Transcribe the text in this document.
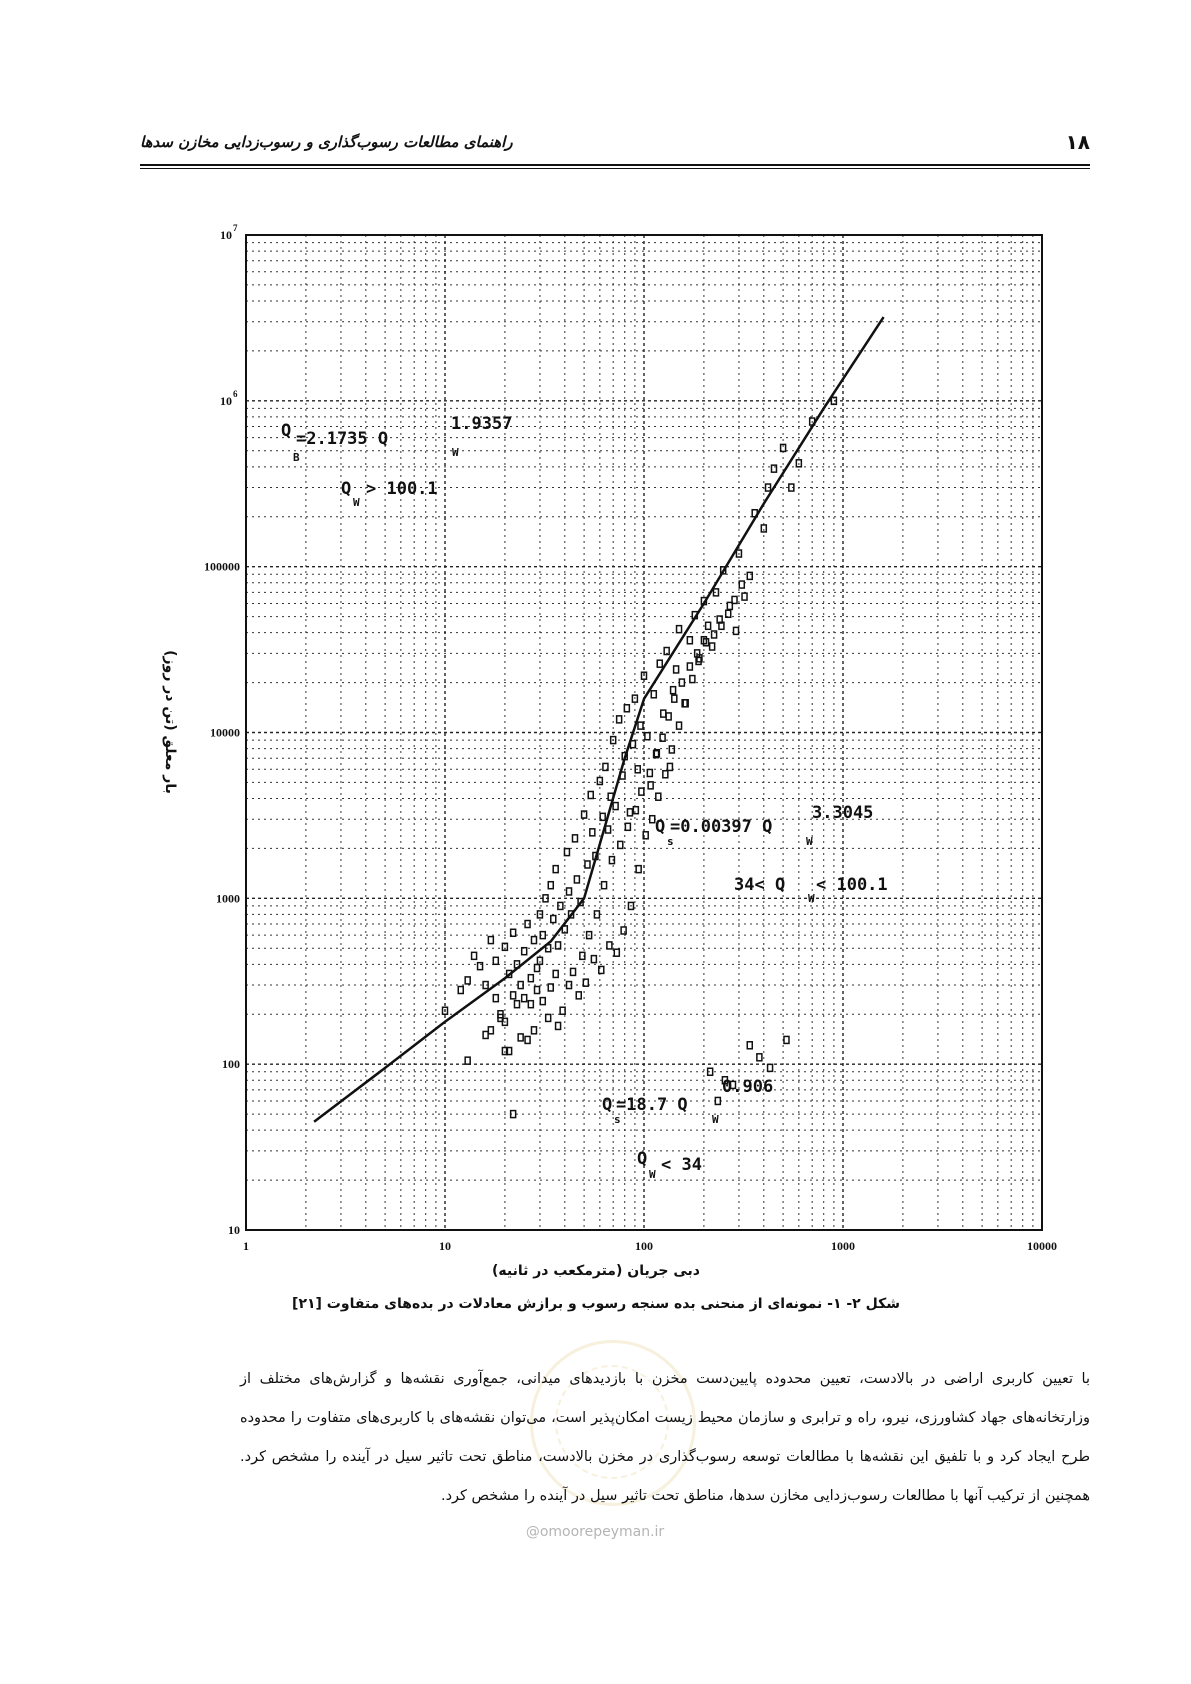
۱۸
راهنمای مطالعات رسوب‌گذاری و رسوب‌زدایی مخازن سدها
1	10	100	1000	10000
10 7
10 6
100000
10000
1000
100
10
دبی جریان (مترمکعب در ثانیه)
بار معلق (تن در روز)
Q
B
=2.1735 Q
W
1.9357
Q
W
> 100.1
Q
s
=0.00397 Q
W
3.3045
34< Q
W
< 100.1
Q
s
=18.7 Q
W
0.906
Q
W < 34
شکل ۲- ۱- نمونه‌ای از منحنی بده سنجه رسوب و برازش معادلات در بده‌های متفاوت [۲۱]

با تعیین کاربری اراضی در بالادست، تعیین محدوده پایین‌دست مخزن با بازدیدهای میدانی، جمع‌آوری نقشه‌ها و گزارش‌های مختلف از وزارتخانه‌های جهاد کشاورزی، نیرو، راه و ترابری و سازمان محیط زیست امکان‌پذیر است، می‌توان نقشه‌های با کاربری‌های متفاوت را محدوده طرح ایجاد کرد و با تلفیق این نقشه‌ها با مطالعات توسعه رسوب‌گذاری در مخزن بالادست، مناطق تحت تاثیر سیل در آینده را مشخص کرد. همچنین از ترکیب آنها با مطالعات رسوب‌زدایی مخازن سدها، مناطق تحت تاثیر سیل در آینده را مشخص کرد.

@omoorepeyman.ir
